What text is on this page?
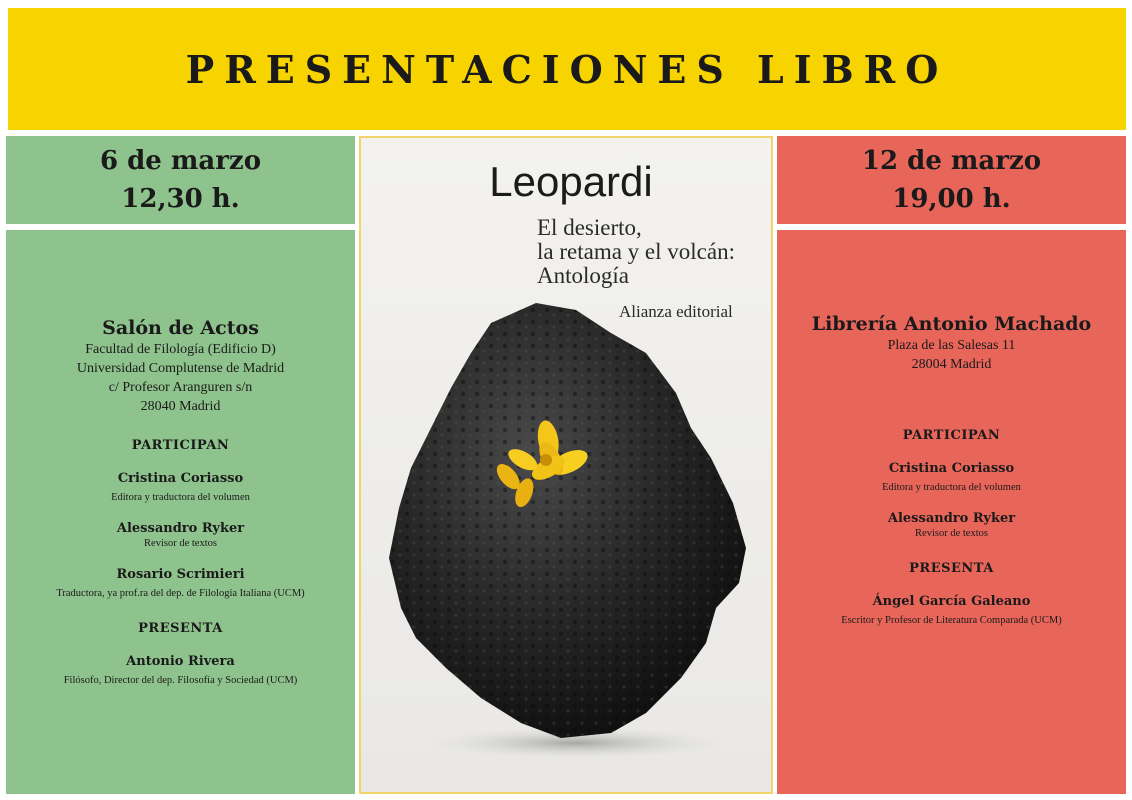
PRESENTACIONES LIBRO
6 de marzo
12,30 h.
Salón de Actos
Facultad de Filología (Edificio D)
Universidad Complutense de Madrid
c/ Profesor Aranguren s/n
28040 Madrid
PARTICIPAN
Cristina Coriasso
Editora y traductora del volumen
Alessandro Ryker
Revisor de textos
Rosario Scrimieri
Traductora, ya prof.ra del dep. de Filología Italiana (UCM)
PRESENTA
Antonio Rivera
Filósofo, Director del dep. Filosofía y Sociedad (UCM)
Leopardi
El desierto,
la retama y el volcán:
Antología
Alianza editorial
12 de marzo
19,00 h.
Librería Antonio Machado
Plaza de las Salesas 11
28004 Madrid
PARTICIPAN
Cristina Coriasso
Editora y traductora del volumen
Alessandro Ryker
Revisor de textos
PRESENTA
Ángel García Galeano
Escritor y Profesor de Literatura Comparada (UCM)
